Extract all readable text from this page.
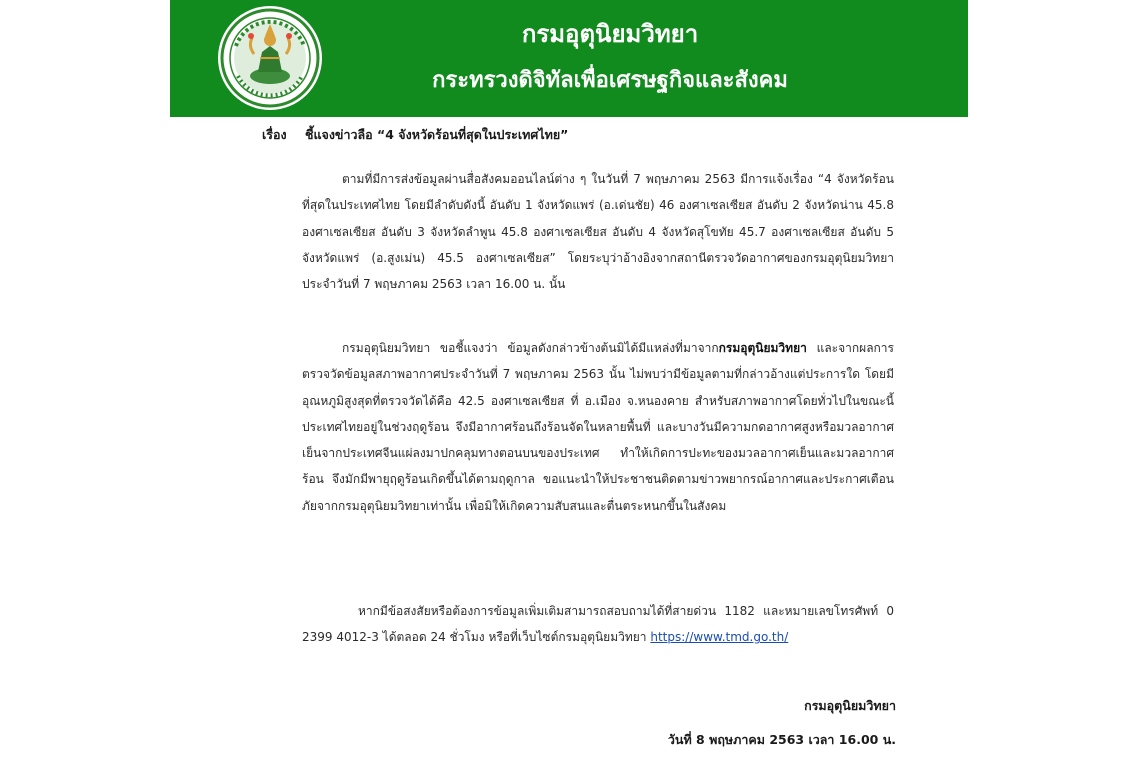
กรมอุตุนิยมวิทยา
กระทรวงดิจิทัลเพื่อเศรษฐกิจและสังคม
เรื่อง ชี้แจงข่าวลือ “4 จังหวัดร้อนที่สุดในประเทศไทย”
ตามที่มีการส่งข้อมูลผ่านสื่อสังคมออนไลน์ต่าง ๆ ในวันที่ 7 พฤษภาคม 2563 มีการแจ้งเรื่อง “4 จังหวัดร้อนที่สุดในประเทศไทย โดยมีลำดับดังนี้ อันดับ 1 จังหวัดแพร่ (อ.เด่นชัย) 46 องศาเซลเซียส อันดับ 2 จังหวัดน่าน 45.8 องศาเซลเซียส อันดับ 3 จังหวัดลำพูน 45.8 องศาเซลเซียส อันดับ 4 จังหวัดสุโขทัย 45.7 องศาเซลเซียส อันดับ 5 จังหวัดแพร่ (อ.สูงเม่น) 45.5 องศาเซลเซียส” โดยระบุว่าอ้างอิงจากสถานีตรวจวัดอากาศของกรมอุตุนิยมวิทยา ประจำวันที่ 7 พฤษภาคม 2563 เวลา 16.00 น. นั้น
กรมอุตุนิยมวิทยา ขอชี้แจงว่า ข้อมูลดังกล่าวข้างต้นมิได้มีแหล่งที่มาจากกรมอุตุนิยมวิทยา และจากผลการตรวจวัดข้อมูลสภาพอากาศประจำวันที่ 7 พฤษภาคม 2563 นั้น ไม่พบว่ามีข้อมูลตามที่กล่าวอ้างแต่ประการใด โดยมีอุณหภูมิสูงสุดที่ตรวจวัดได้คือ 42.5 องศาเซลเซียส ที่ อ.เมือง จ.หนองคาย สำหรับสภาพอากาศโดยทั่วไปในขณะนี้ประเทศไทยอยู่ในช่วงฤดูร้อน จึงมีอากาศร้อนถึงร้อนจัดในหลายพื้นที่ และบางวันมีความกดอากาศสูงหรือมวลอากาศเย็นจากประเทศจีนแผ่ลงมาปกคลุมทางตอนบนของประเทศ ทำให้เกิดการปะทะของมวลอากาศเย็นและมวลอากาศร้อน จึงมักมีพายุฤดูร้อนเกิดขึ้นได้ตามฤดูกาล ขอแนะนำให้ประชาชนติดตามข่าวพยากรณ์อากาศและประกาศเตือนภัยจากกรมอุตุนิยมวิทยาเท่านั้น เพื่อมิให้เกิดความสับสนและตื่นตระหนกขึ้นในสังคม
หากมีข้อสงสัยหรือต้องการข้อมูลเพิ่มเติมสามารถสอบถามได้ที่สายด่วน 1182 และหมายเลขโทรศัพท์ 0 2399 4012-3 ได้ตลอด 24 ชั่วโมง หรือที่เว็บไซต์กรมอุตุนิยมวิทยา https://www.tmd.go.th/
กรมอุตุนิยมวิทยา
วันที่ 8 พฤษภาคม 2563 เวลา 16.00 น.
